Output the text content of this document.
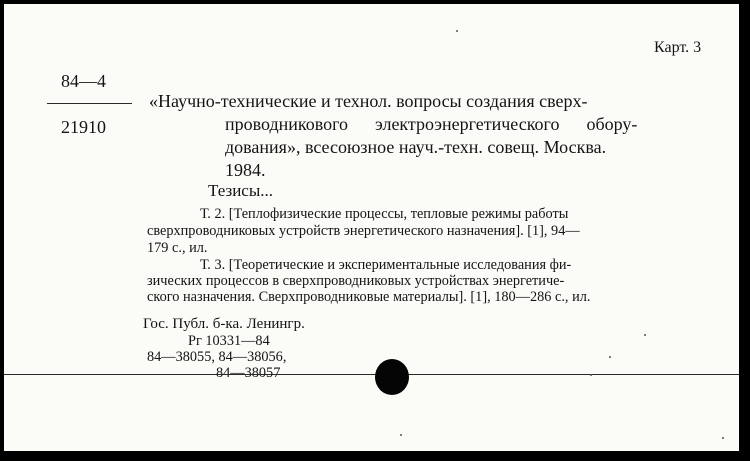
Карт. 3
84—4
21910
«Научно-технические и технол. вопросы создания сверх-
проводникового      электроэнергетического      обору-
дования», всесоюзное науч.-техн. совещ. Москва.
1984.
Тезисы...
Т. 2. [Теплофизические процессы, тепловые режимы работы
сверхпроводниковых устройств энергетического назначения]. [1], 94—
179 с., ил.
Т. 3. [Теоретические и экспериментальные исследования фи-
зических процессов в сверхпроводниковых устройствах энергетиче-
ского назначения. Сверхпроводниковые материалы]. [1], 180—286 с., ил.
Гос. Публ. б-ка. Ленингр.
Рг 10331—84
84—38055, 84—38056,
84—38057
